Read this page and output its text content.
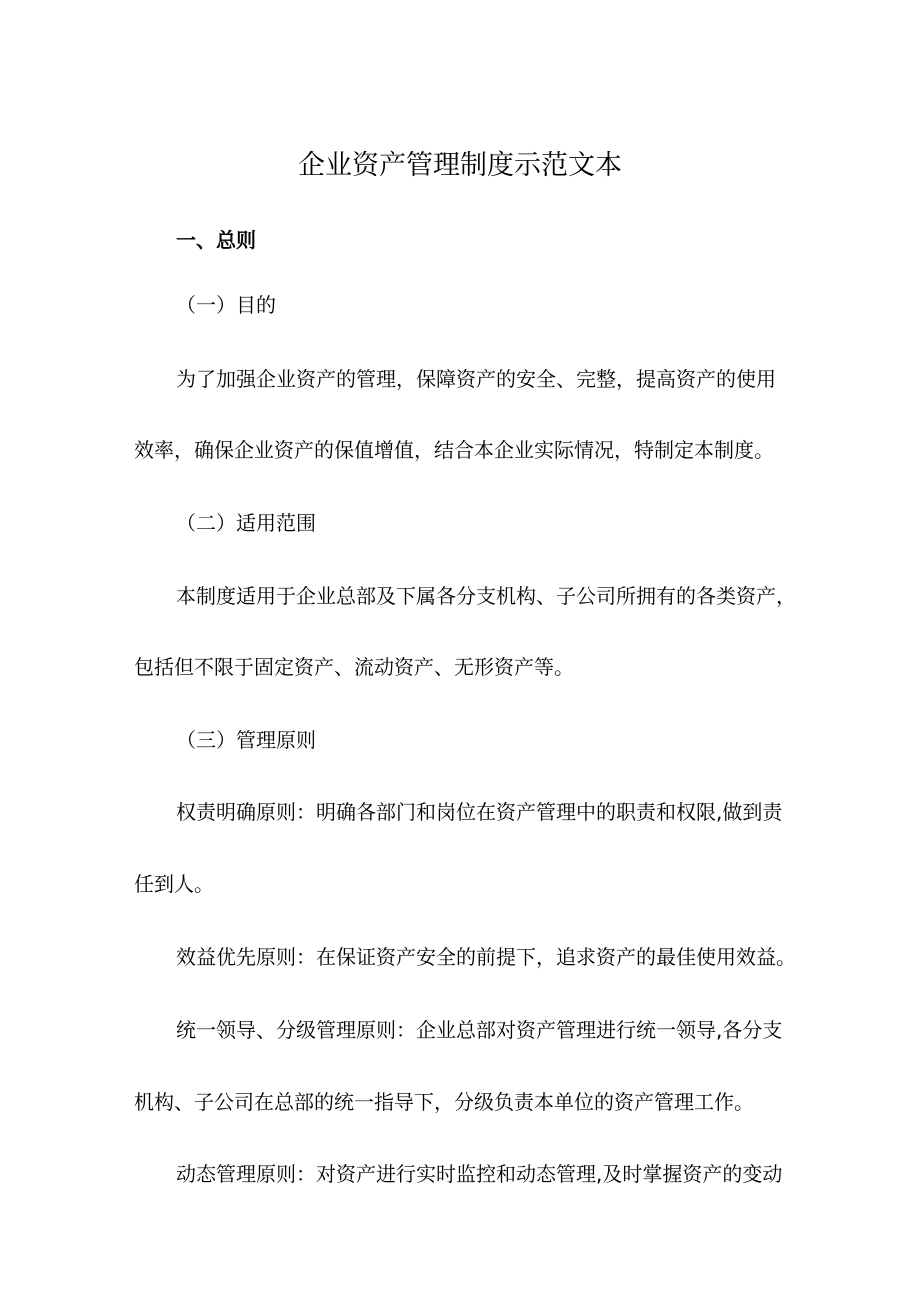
企业资产管理制度示范文本
一、总则
（一）目的
为了加强企业资产的管理，保障资产的安全、完整，提高资产的使用
效率，确保企业资产的保值增值，结合本企业实际情况，特制定本制度。
（二）适用范围
本制度适用于企业总部及下属各分支机构、子公司所拥有的各类资产，
包括但不限于固定资产、流动资产、无形资产等。
（三）管理原则
权责明确原则：明确各部门和岗位在资产管理中的职责和权限,做到责
任到人。
效益优先原则：在保证资产安全的前提下，追求资产的最佳使用效益。
统一领导、分级管理原则：企业总部对资产管理进行统一领导,各分支
机构、子公司在总部的统一指导下，分级负责本单位的资产管理工作。
动态管理原则：对资产进行实时监控和动态管理,及时掌握资产的变动
